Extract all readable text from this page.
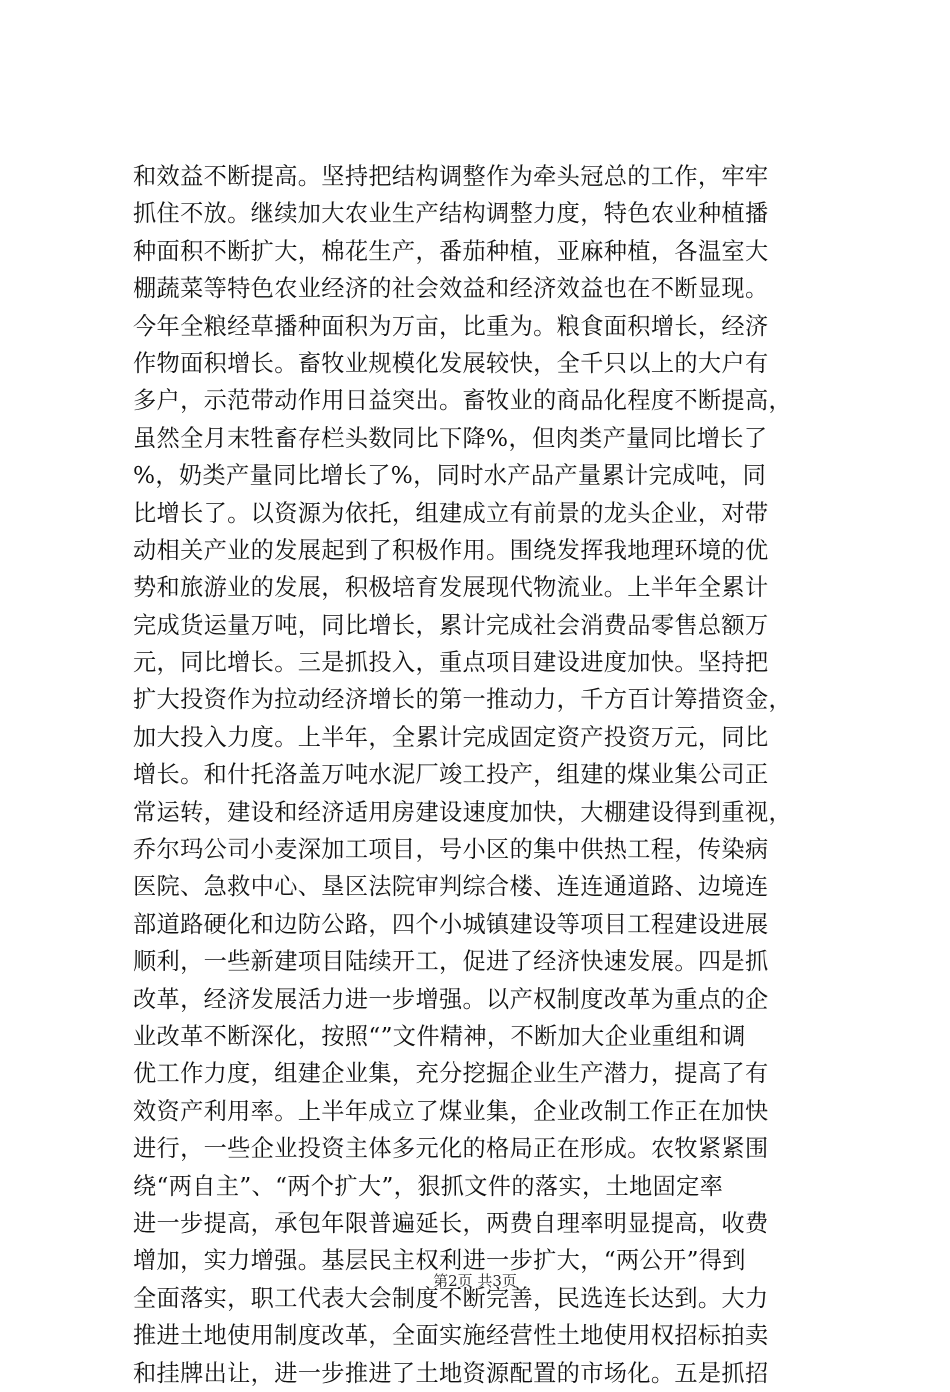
和效益不断提高。坚持把结构调整作为牵头冠总的工作，牢牢
抓住不放。继续加大农业生产结构调整力度，特色农业种植播
种面积不断扩大，棉花生产，番茄种植，亚麻种植，各温室大
棚蔬菜等特色农业经济的社会效益和经济效益也在不断显现。
今年全粮经草播种面积为万亩，比重为。粮食面积增长，经济
作物面积增长。畜牧业规模化发展较快，全千只以上的大户有
多户，示范带动作用日益突出。畜牧业的商品化程度不断提高，
虽然全月末牲畜存栏头数同比下降%，但肉类产量同比增长了
%，奶类产量同比增长了%，同时水产品产量累计完成吨，同
比增长了。以资源为依托，组建成立有前景的龙头企业，对带
动相关产业的发展起到了积极作用。围绕发挥我地理环境的优
势和旅游业的发展，积极培育发展现代物流业。上半年全累计
完成货运量万吨，同比增长，累计完成社会消费品零售总额万
元，同比增长。三是抓投入，重点项目建设进度加快。坚持把
扩大投资作为拉动经济增长的第一推动力，千方百计筹措资金，
加大投入力度。上半年，全累计完成固定资产投资万元，同比
增长。和什托洛盖万吨水泥厂竣工投产，组建的煤业集公司正
常运转，建设和经济适用房建设速度加快，大棚建设得到重视，
乔尔玛公司小麦深加工项目，号小区的集中供热工程，传染病
医院、急救中心、垦区法院审判综合楼、连连通道路、边境连
部道路硬化和边防公路，四个小城镇建设等项目工程建设进展
顺利，一些新建项目陆续开工，促进了经济快速发展。四是抓
改革，经济发展活力进一步增强。以产权制度改革为重点的企
业改革不断深化，按照“”文件精神，不断加大企业重组和调
优工作力度，组建企业集，充分挖掘企业生产潜力，提高了有
效资产利用率。上半年成立了煤业集，企业改制工作正在加快
进行，一些企业投资主体多元化的格局正在形成。农牧紧紧围
绕“两自主”、“两个扩大”，狠抓文件的落实，土地固定率
进一步提高，承包年限普遍延长，两费自理率明显提高，收费
增加，实力增强。基层民主权利进一步扩大，“两公开”得到
全面落实，职工代表大会制度不断完善，民选连长达到。大力
推进土地使用制度改革，全面实施经营性土地使用权招标拍卖
和挂牌出让，进一步推进了土地资源配置的市场化。五是抓招
第2页 共3页
